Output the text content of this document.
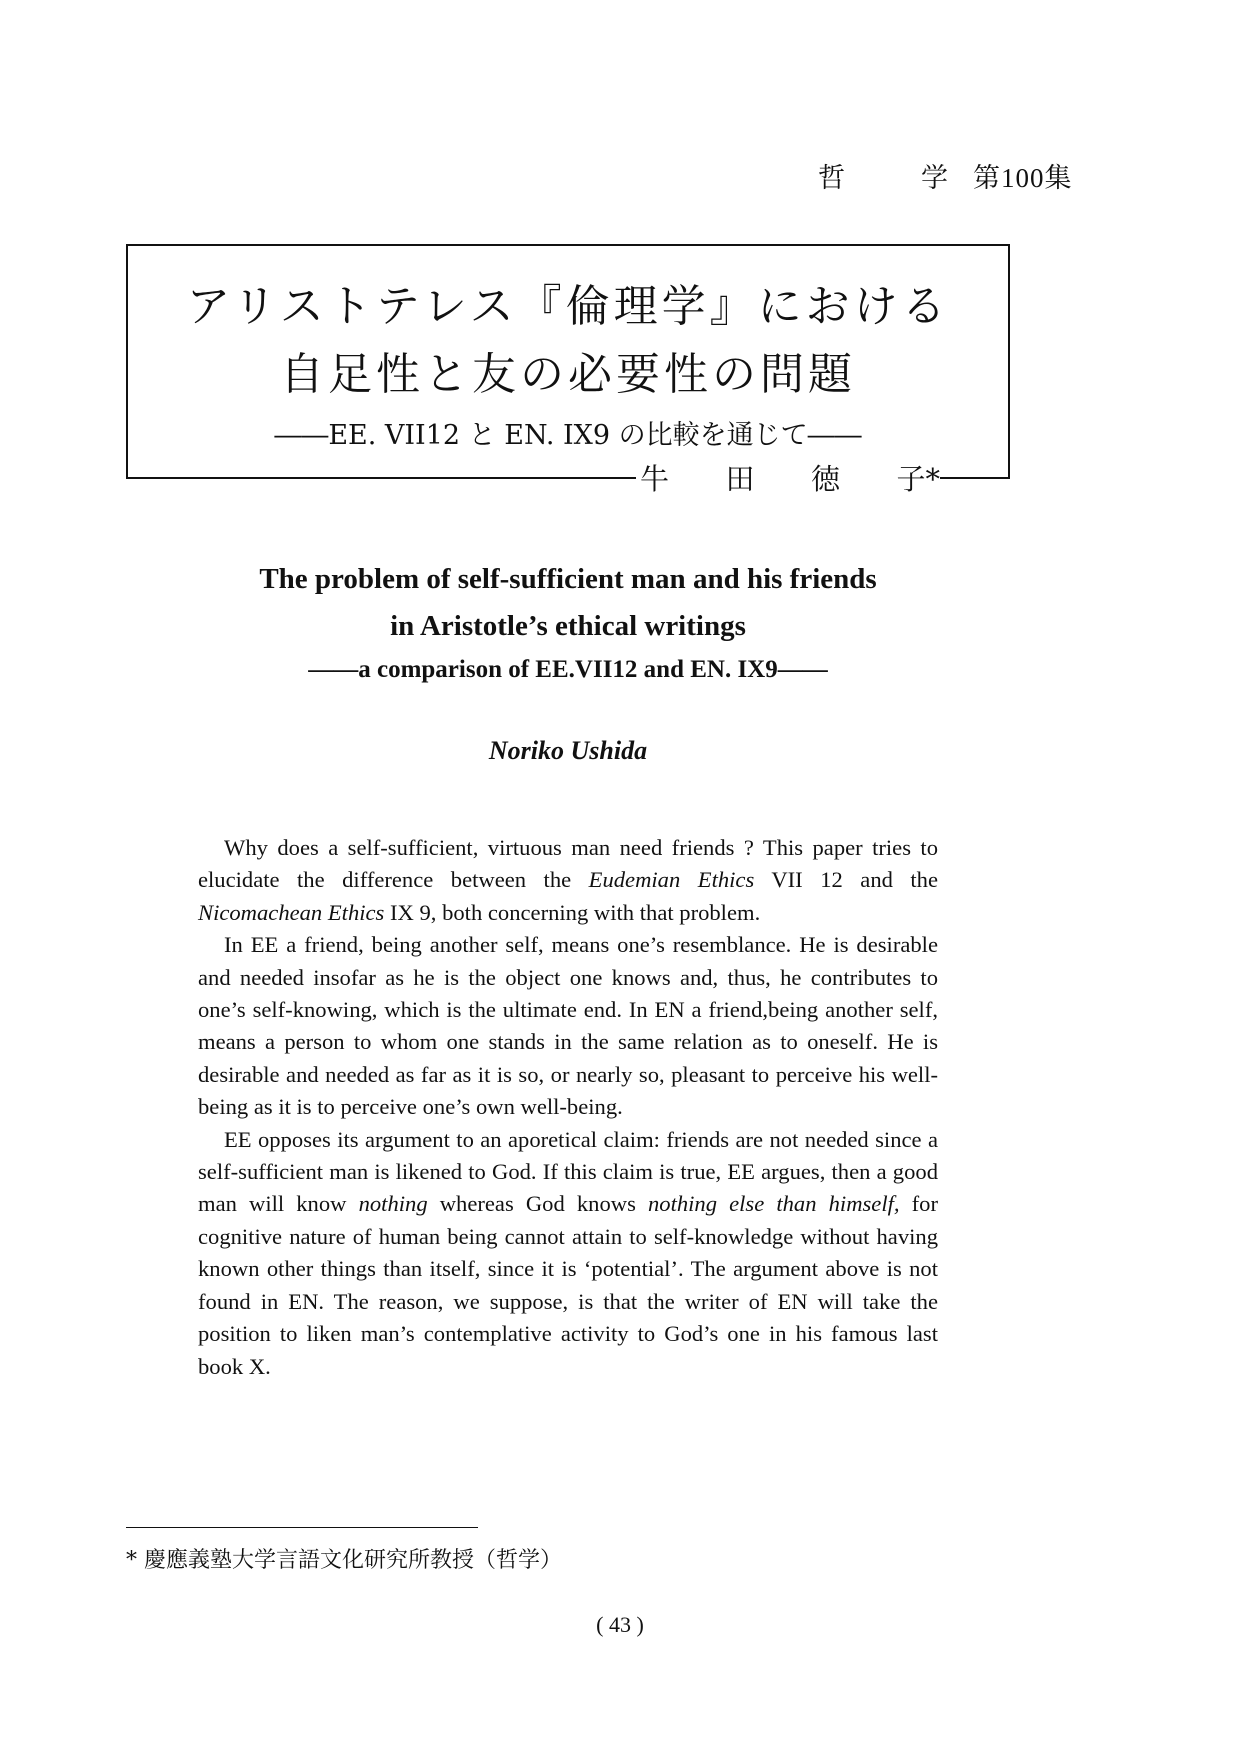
哲 学 第100集
アリストテレス『倫理学』における
自足性と友の必要性の問題
――EE. VII12 と EN. IX9 の比較を通じて――
牛 田 徳 子*
The problem of self-sufficient man and his friends
in Aristotle’s ethical writings
――a comparison of EE.VII12 and EN. IX9――
Noriko Ushida

Why does a self-sufficient, virtuous man need friends ? This paper tries to elucidate the difference between the Eudemian Ethics VII 12 and the Nicomachean Ethics IX 9, both concerning with that problem.

In EE a friend, being another self, means one’s resemblance. He is desirable and needed insofar as he is the object one knows and, thus, he contributes to one’s self-knowing, which is the ultimate end. In EN a friend,being another self, means a person to whom one stands in the same relation as to oneself. He is desirable and needed as far as it is so, or nearly so, pleasant to perceive his well-being as it is to perceive one’s own well-being.

EE opposes its argument to an aporetical claim: friends are not needed since a self-sufficient man is likened to God. If this claim is true, EE argues, then a good man will know nothing whereas God knows nothing else than himself, for cognitive nature of human being cannot attain to self-knowledge without having known other things than itself, since it is ‘potential’. The argument above is not found in EN. The reason, we suppose, is that the writer of EN will take the position to liken man’s contemplative activity to God’s one in his famous last book X.

* 慶應義塾大学言語文化研究所教授（哲学）
( 43 )
